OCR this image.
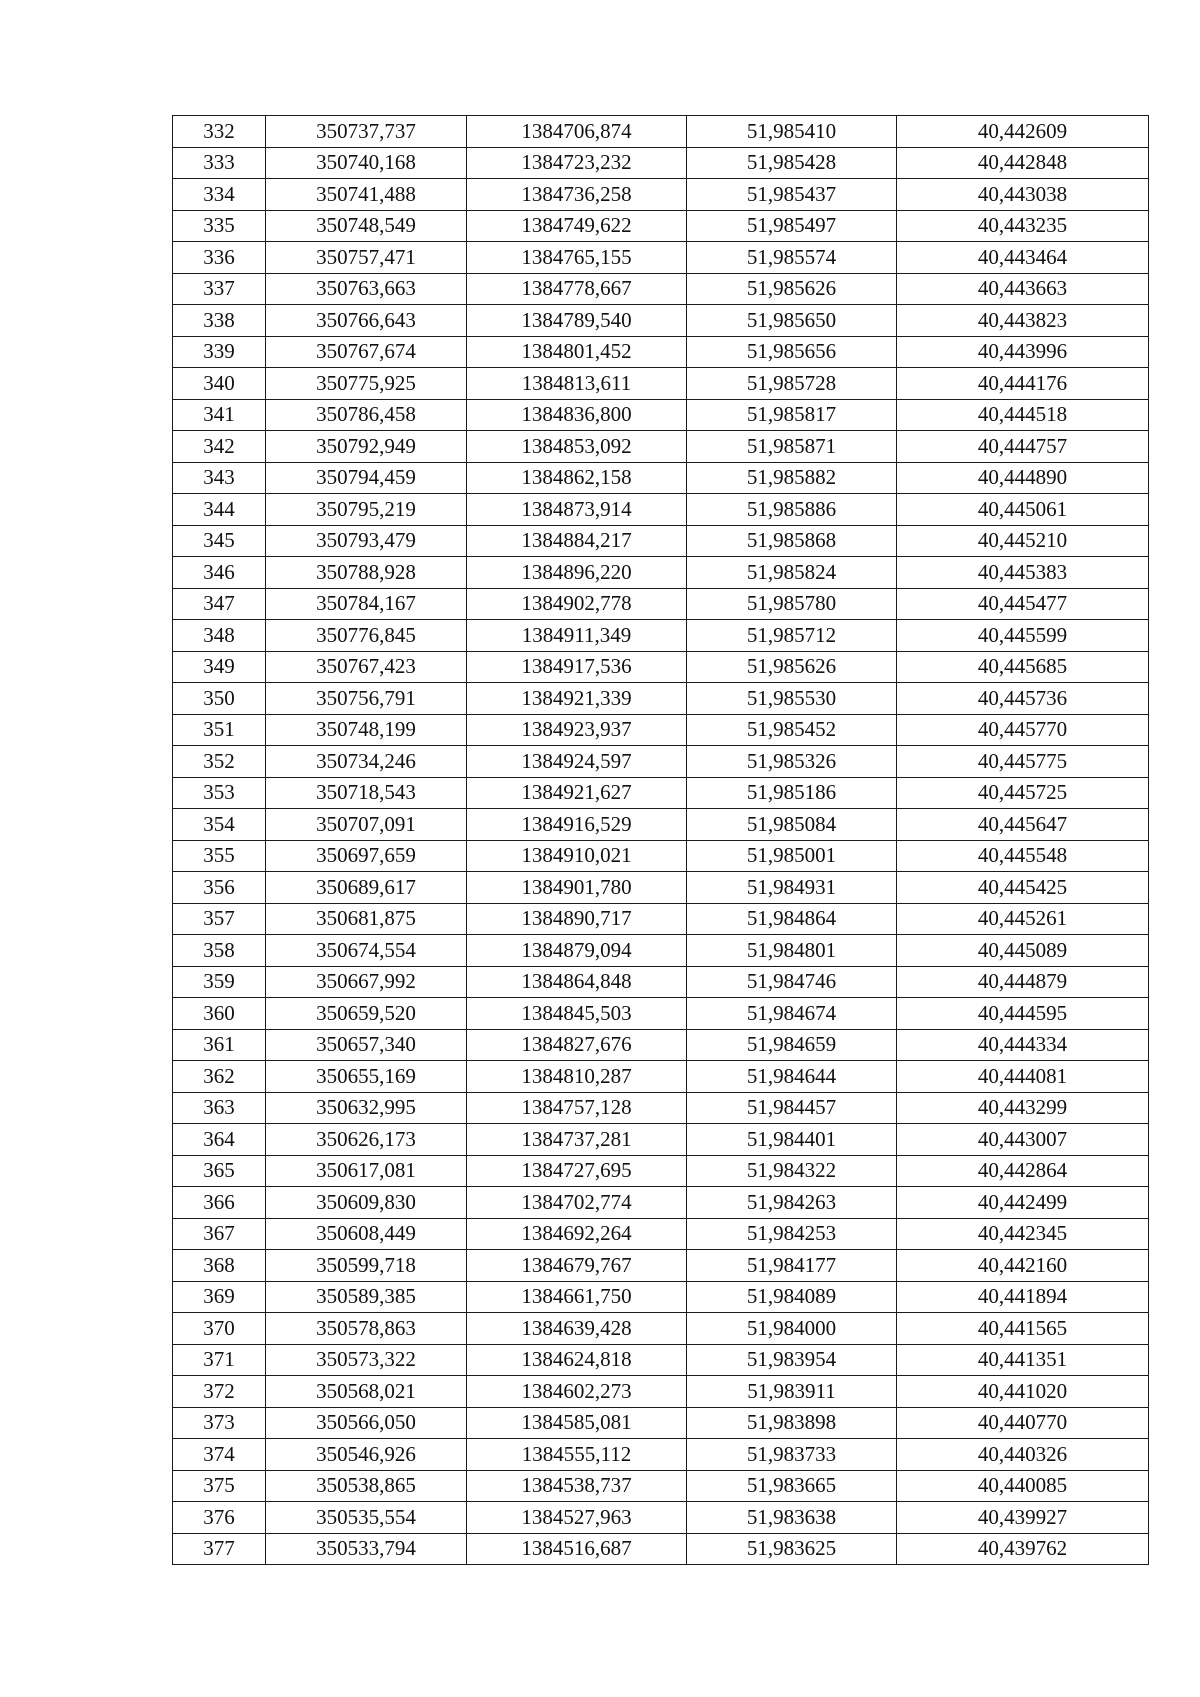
332	350737,737	1384706,874	51,985410	40,442609
333	350740,168	1384723,232	51,985428	40,442848
334	350741,488	1384736,258	51,985437	40,443038
335	350748,549	1384749,622	51,985497	40,443235
336	350757,471	1384765,155	51,985574	40,443464
337	350763,663	1384778,667	51,985626	40,443663
338	350766,643	1384789,540	51,985650	40,443823
339	350767,674	1384801,452	51,985656	40,443996
340	350775,925	1384813,611	51,985728	40,444176
341	350786,458	1384836,800	51,985817	40,444518
342	350792,949	1384853,092	51,985871	40,444757
343	350794,459	1384862,158	51,985882	40,444890
344	350795,219	1384873,914	51,985886	40,445061
345	350793,479	1384884,217	51,985868	40,445210
346	350788,928	1384896,220	51,985824	40,445383
347	350784,167	1384902,778	51,985780	40,445477
348	350776,845	1384911,349	51,985712	40,445599
349	350767,423	1384917,536	51,985626	40,445685
350	350756,791	1384921,339	51,985530	40,445736
351	350748,199	1384923,937	51,985452	40,445770
352	350734,246	1384924,597	51,985326	40,445775
353	350718,543	1384921,627	51,985186	40,445725
354	350707,091	1384916,529	51,985084	40,445647
355	350697,659	1384910,021	51,985001	40,445548
356	350689,617	1384901,780	51,984931	40,445425
357	350681,875	1384890,717	51,984864	40,445261
358	350674,554	1384879,094	51,984801	40,445089
359	350667,992	1384864,848	51,984746	40,444879
360	350659,520	1384845,503	51,984674	40,444595
361	350657,340	1384827,676	51,984659	40,444334
362	350655,169	1384810,287	51,984644	40,444081
363	350632,995	1384757,128	51,984457	40,443299
364	350626,173	1384737,281	51,984401	40,443007
365	350617,081	1384727,695	51,984322	40,442864
366	350609,830	1384702,774	51,984263	40,442499
367	350608,449	1384692,264	51,984253	40,442345
368	350599,718	1384679,767	51,984177	40,442160
369	350589,385	1384661,750	51,984089	40,441894
370	350578,863	1384639,428	51,984000	40,441565
371	350573,322	1384624,818	51,983954	40,441351
372	350568,021	1384602,273	51,983911	40,441020
373	350566,050	1384585,081	51,983898	40,440770
374	350546,926	1384555,112	51,983733	40,440326
375	350538,865	1384538,737	51,983665	40,440085
376	350535,554	1384527,963	51,983638	40,439927
377	350533,794	1384516,687	51,983625	40,439762
